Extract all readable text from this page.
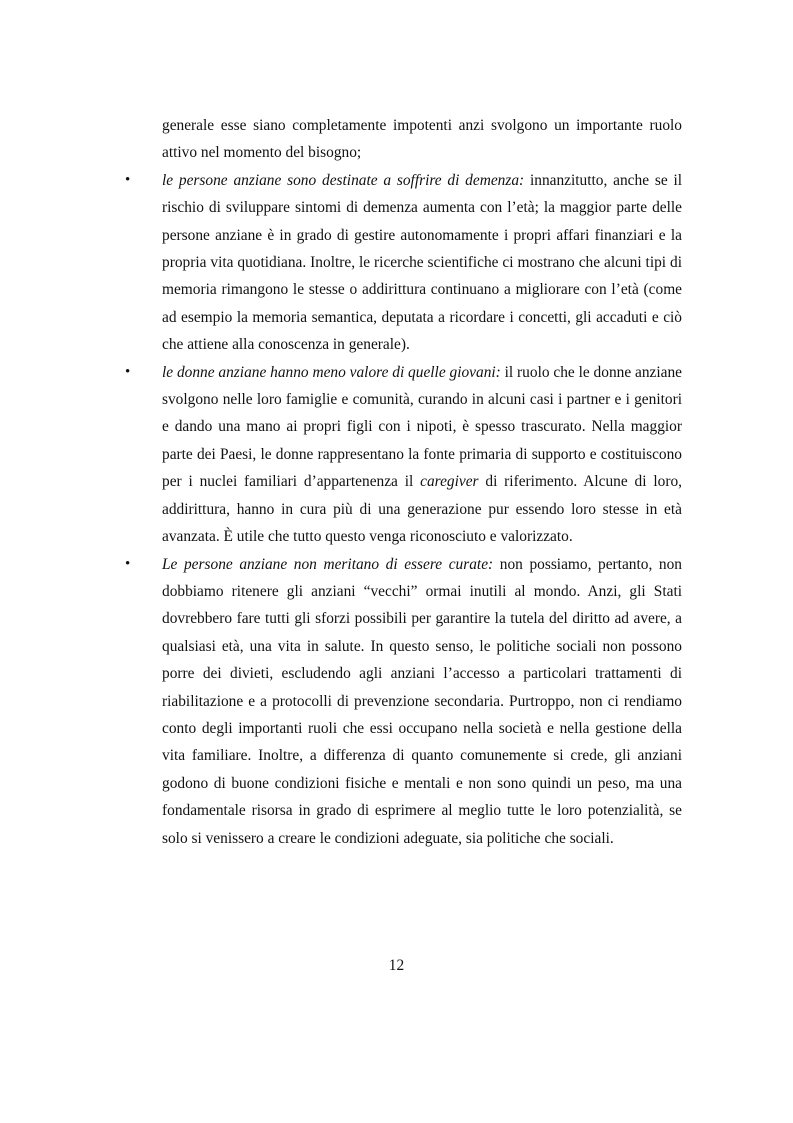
generale esse siano completamente impotenti anzi svolgono un importante ruolo attivo nel momento del bisogno;

• le persone anziane sono destinate a soffrire di demenza: innanzitutto, anche se il rischio di sviluppare sintomi di demenza aumenta con l’età; la maggior parte delle persone anziane è in grado di gestire autonomamente i propri affari finanziari e la propria vita quotidiana. Inoltre, le ricerche scientifiche ci mostrano che alcuni tipi di memoria rimangono le stesse o addirittura continuano a migliorare con l’età (come ad esempio la memoria semantica, deputata a ricordare i concetti, gli accaduti e ciò che attiene alla conoscenza in generale).
• le donne anziane hanno meno valore di quelle giovani: il ruolo che le donne anziane svolgono nelle loro famiglie e comunità, curando in alcuni casi i partner e i genitori e dando una mano ai propri figli con i nipoti, è spesso trascurato. Nella maggior parte dei Paesi, le donne rappresentano la fonte primaria di supporto e costituiscono per i nuclei familiari d’appartenenza il caregiver di riferimento. Alcune di loro, addirittura, hanno in cura più di una generazione pur essendo loro stesse in età avanzata. È utile che tutto questo venga riconosciuto e valorizzato.
• Le persone anziane non meritano di essere curate: non possiamo, pertanto, non dobbiamo ritenere gli anziani “vecchi” ormai inutili al mondo. Anzi, gli Stati dovrebbero fare tutti gli sforzi possibili per garantire la tutela del diritto ad avere, a qualsiasi età, una vita in salute. In questo senso, le politiche sociali non possono porre dei divieti, escludendo agli anziani l’accesso a particolari trattamenti di riabilitazione e a protocolli di prevenzione secondaria. Purtroppo, non ci rendiamo conto degli importanti ruoli che essi occupano nella società e nella gestione della vita familiare. Inoltre, a differenza di quanto comunemente si crede, gli anziani godono di buone condizioni fisiche e mentali e non sono quindi un peso, ma una fondamentale risorsa in grado di esprimere al meglio tutte le loro potenzialità, se solo si venissero a creare le condizioni adeguate, sia politiche che sociali.
12
